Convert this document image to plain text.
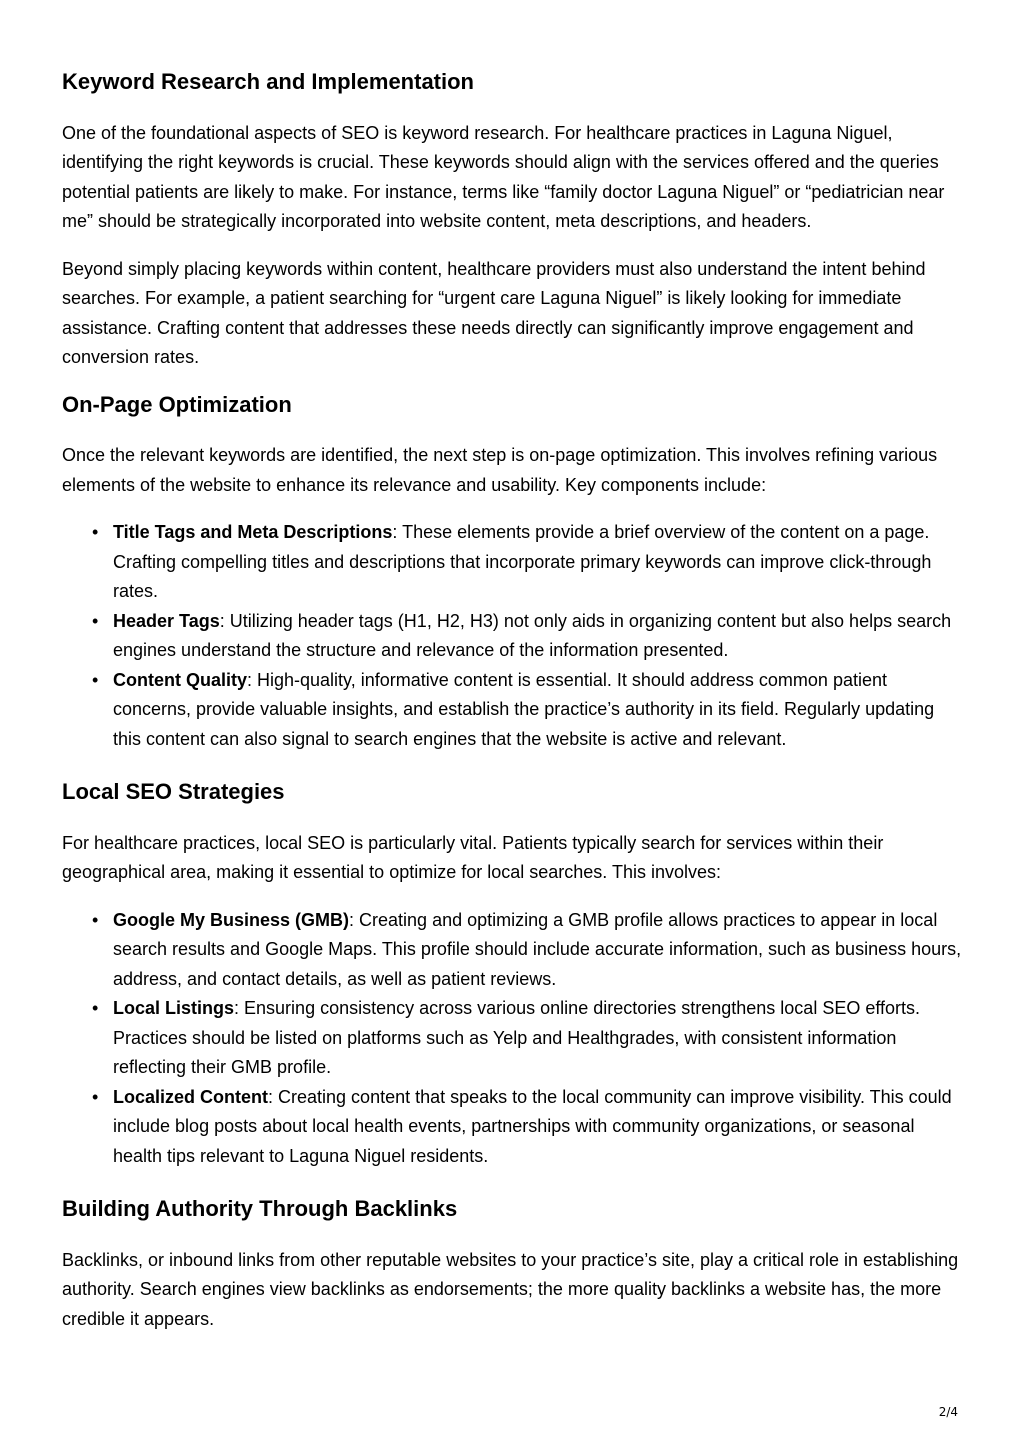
Keyword Research and Implementation

One of the foundational aspects of SEO is keyword research. For healthcare practices in Laguna Niguel, identifying the right keywords is crucial. These keywords should align with the services offered and the queries potential patients are likely to make. For instance, terms like “family doctor Laguna Niguel” or “pediatrician near me” should be strategically incorporated into website content, meta descriptions, and headers.

Beyond simply placing keywords within content, healthcare providers must also understand the intent behind searches. For example, a patient searching for “urgent care Laguna Niguel” is likely looking for immediate assistance. Crafting content that addresses these needs directly can significantly improve engagement and conversion rates.

On-Page Optimization

Once the relevant keywords are identified, the next step is on-page optimization. This involves refining various elements of the website to enhance its relevance and usability. Key components include:

• Title Tags and Meta Descriptions: These elements provide a brief overview of the content on a page. Crafting compelling titles and descriptions that incorporate primary keywords can improve click-through rates.
• Header Tags: Utilizing header tags (H1, H2, H3) not only aids in organizing content but also helps search engines understand the structure and relevance of the information presented.
• Content Quality: High-quality, informative content is essential. It should address common patient concerns, provide valuable insights, and establish the practice’s authority in its field. Regularly updating this content can also signal to search engines that the website is active and relevant.
Local SEO Strategies

For healthcare practices, local SEO is particularly vital. Patients typically search for services within their geographical area, making it essential to optimize for local searches. This involves:

• Google My Business (GMB): Creating and optimizing a GMB profile allows practices to appear in local search results and Google Maps. This profile should include accurate information, such as business hours, address, and contact details, as well as patient reviews.
• Local Listings: Ensuring consistency across various online directories strengthens local SEO efforts. Practices should be listed on platforms such as Yelp and Healthgrades, with consistent information reflecting their GMB profile.
• Localized Content: Creating content that speaks to the local community can improve visibility. This could include blog posts about local health events, partnerships with community organizations, or seasonal health tips relevant to Laguna Niguel residents.
Building Authority Through Backlinks

Backlinks, or inbound links from other reputable websites to your practice’s site, play a critical role in establishing authority. Search engines view backlinks as endorsements; the more quality backlinks a website has, the more credible it appears.

2/4
